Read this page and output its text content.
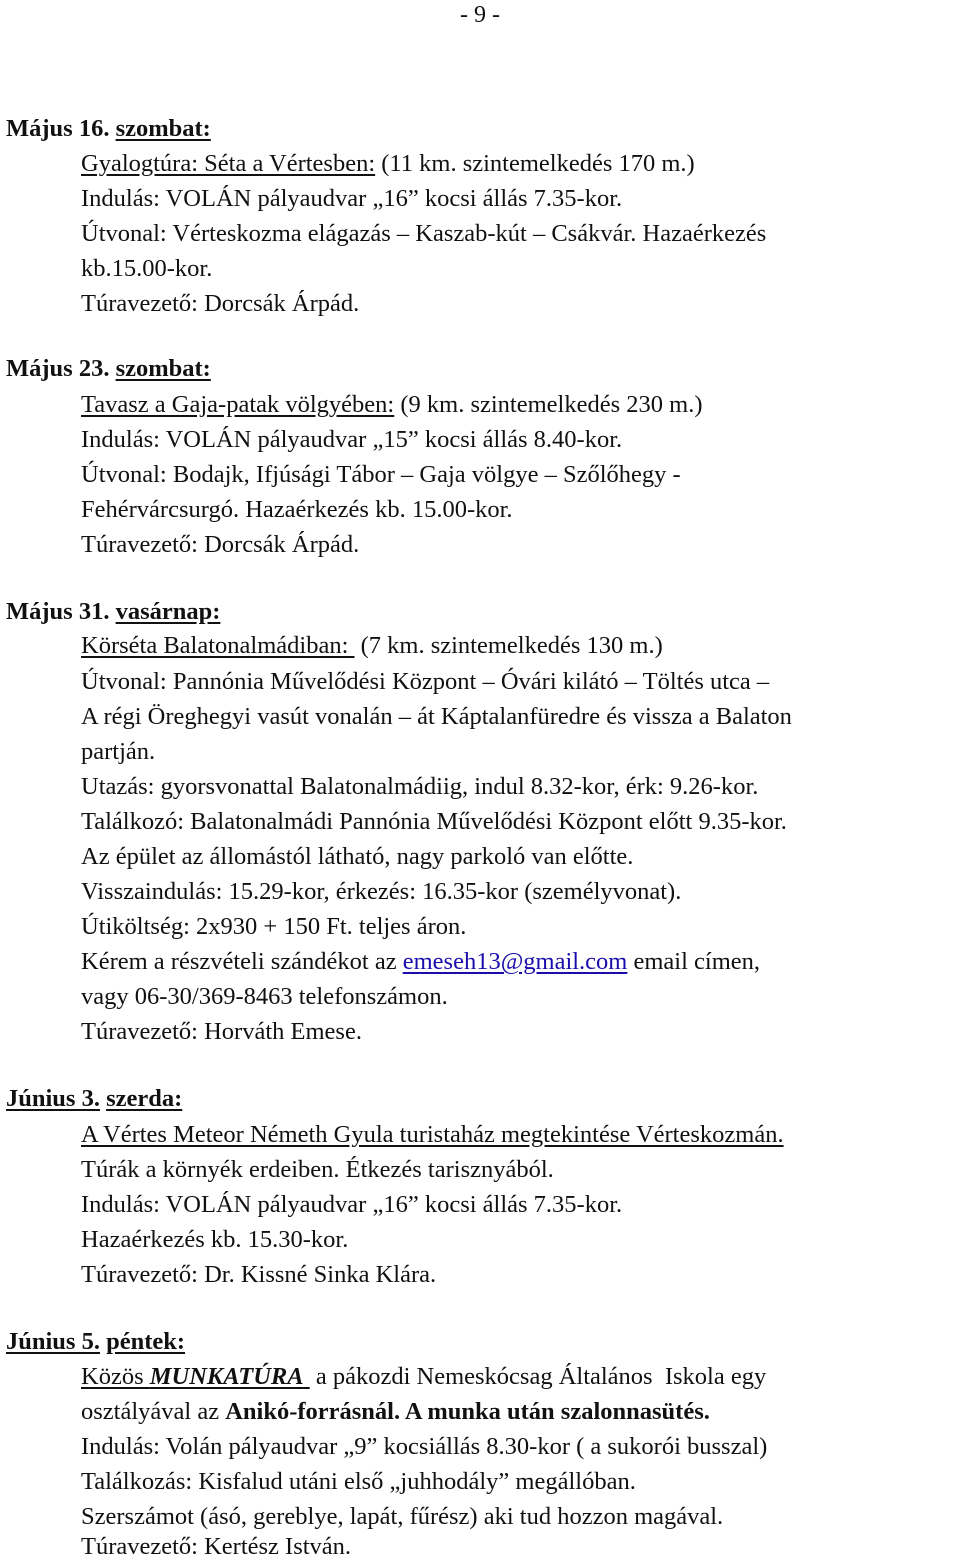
- 9 -
Május 16. szombat:
Gyalogtúra: Séta a Vértesben: (11 km. szintemelkedés 170 m.)
Indulás: VOLÁN pályaudvar „16” kocsi állás 7.35-kor.
Útvonal: Vérteskozma elágazás – Kaszab-kút – Csákvár. Hazaérkezés
kb.15.00-kor.
Túravezető: Dorcsák Árpád.
Május 23. szombat:
Tavasz a Gaja-patak völgyében: (9 km. szintemelkedés 230 m.)
Indulás: VOLÁN pályaudvar „15” kocsi állás 8.40-kor.
Útvonal: Bodajk, Ifjúsági Tábor – Gaja völgye – Szőlőhegy -
Fehérvárcsurgó. Hazaérkezés kb. 15.00-kor.
Túravezető: Dorcsák Árpád.
Május 31. vasárnap:
Körséta Balatonalmádiban:  (7 km. szintemelkedés 130 m.)
Útvonal: Pannónia Művelődési Központ – Óvári kilátó – Töltés utca –
A régi Öreghegyi vasút vonalán – át Káptalanfüredre és vissza a Balaton
partján.
Utazás: gyorsvonattal Balatonalmádiig, indul 8.32-kor, érk: 9.26-kor.
Találkozó: Balatonalmádi Pannónia Művelődési Központ előtt 9.35-kor.
Az épület az állomástól látható, nagy parkoló van előtte.
Visszaindulás: 15.29-kor, érkezés: 16.35-kor (személyvonat).
Útiköltség: 2x930 + 150 Ft. teljes áron.
Kérem a részvételi szándékot az emeseh13@gmail.com email címen,
vagy 06-30/369-8463 telefonszámon.
Túravezető: Horváth Emese.
Június 3. szerda:
A Vértes Meteor Németh Gyula turistaház megtekintése Vérteskozmán.
Túrák a környék erdeiben. Étkezés tarisznyából.
Indulás: VOLÁN pályaudvar „16” kocsi állás 7.35-kor.
Hazaérkezés kb. 15.30-kor.
Túravezető: Dr. Kissné Sinka Klára.
Június 5. péntek:
Közös MUNKATÚRA  a pákozdi Nemeskócsag Általános  Iskola egy
osztályával az Anikó-forrásnál. A munka után szalonnasütés.
Indulás: Volán pályaudvar „9” kocsiállás 8.30-kor ( a sukorói busszal)
Találkozás: Kisfalud utáni első „juhhodály” megállóban.
Szerszámot (ásó, gereblye, lapát, fűrész) aki tud hozzon magával.
Túravezető: Kertész István.
